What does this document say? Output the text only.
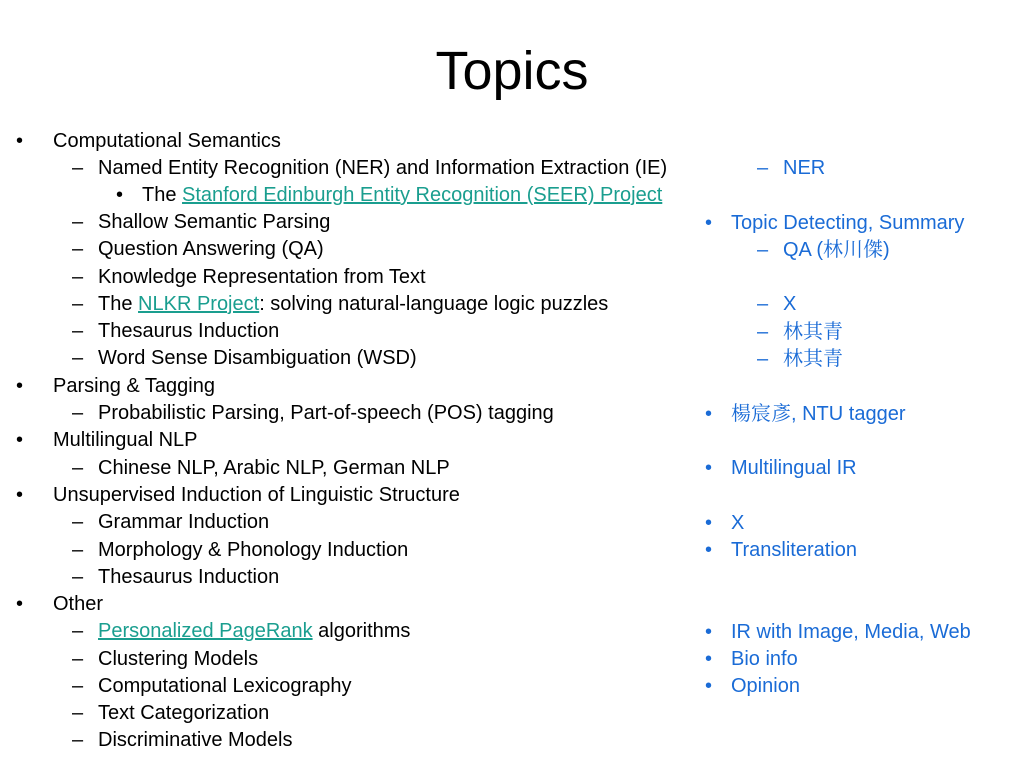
Topics
• Computational Semantics
– Named Entity Recognition (NER) and Information Extraction (IE)
• The Stanford Edinburgh Entity Recognition (SEER) Project
– Shallow Semantic Parsing
– Question Answering (QA)
– Knowledge Representation from Text
– The NLKR Project: solving natural-language logic puzzles
– Thesaurus Induction
– Word Sense Disambiguation (WSD)
• Parsing & Tagging
– Probabilistic Parsing, Part-of-speech (POS) tagging
• Multilingual NLP
– Chinese NLP, Arabic NLP, German NLP
• Unsupervised Induction of Linguistic Structure
– Grammar Induction
– Morphology & Phonology Induction
– Thesaurus Induction
• Other
– Personalized PageRank algorithms
– Clustering Models
– Computational Lexicography
– Text Categorization
– Discriminative Models
– NER
• Topic Detecting, Summary
– QA (林川傑)
– X
– 林其青
– 林其青
• 楊宸彥, NTU tagger
• Multilingual IR
• X
• Transliteration
• IR with Image, Media, Web
• Bio info
• Opinion
